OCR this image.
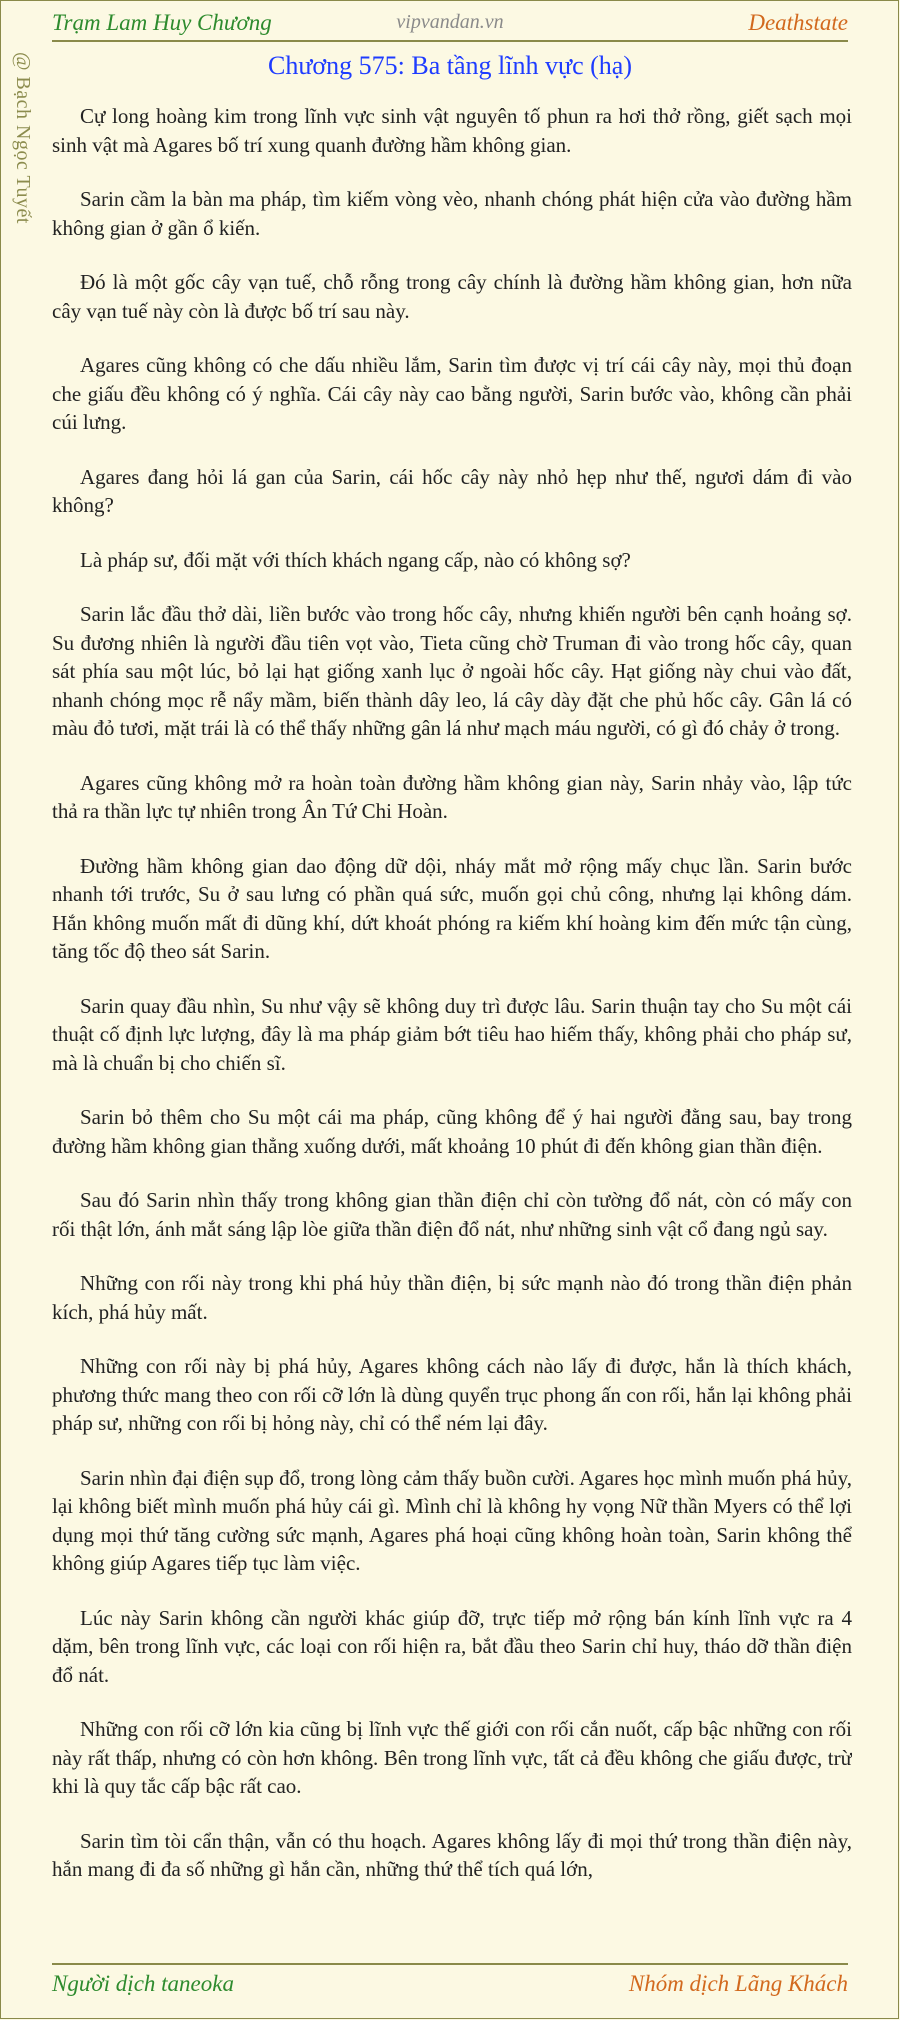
Trạm Lam Huy Chương	vipvandan.vn	Deathstate
@ Bạch Ngọc Tuyết	Chương 575: Ba tầng lĩnh vực (hạ)

Cự long hoàng kim trong lĩnh vực sinh vật nguyên tố phun ra hơi thở rồng, giết sạch mọi sinh vật mà Agares bố trí xung quanh đường hầm không gian.

Sarin cầm la bàn ma pháp, tìm kiếm vòng vèo, nhanh chóng phát hiện cửa vào đường hầm không gian ở gần ổ kiến.

Đó là một gốc cây vạn tuế, chỗ rỗng trong cây chính là đường hầm không gian, hơn nữa cây vạn tuế này còn là được bố trí sau này.

Agares cũng không có che dấu nhiều lắm, Sarin tìm được vị trí cái cây này, mọi thủ đoạn che giấu đều không có ý nghĩa. Cái cây này cao bằng người, Sarin bước vào, không cần phải cúi lưng.

Agares đang hỏi lá gan của Sarin, cái hốc cây này nhỏ hẹp như thế, ngươi dám đi vào không?

Là pháp sư, đối mặt với thích khách ngang cấp, nào có không sợ?

Sarin lắc đầu thở dài, liền bước vào trong hốc cây, nhưng khiến người bên cạnh hoảng sợ. Su đương nhiên là người đầu tiên vọt vào, Tieta cũng chờ Truman đi vào trong hốc cây, quan sát phía sau một lúc, bỏ lại hạt giống xanh lục ở ngoài hốc cây. Hạt giống này chui vào đất, nhanh chóng mọc rễ nẩy mầm, biến thành dây leo, lá cây dày đặt che phủ hốc cây. Gân lá có màu đỏ tươi, mặt trái là có thể thấy những gân lá như mạch máu người, có gì đó chảy ở trong.

Agares cũng không mở ra hoàn toàn đường hầm không gian này, Sarin nhảy vào, lập tức thả ra thần lực tự nhiên trong Ân Tứ Chi Hoàn.

Đường hầm không gian dao động dữ dội, nháy mắt mở rộng mấy chục lần. Sarin bước nhanh tới trước, Su ở sau lưng có phần quá sức, muốn gọi chủ công, nhưng lại không dám. Hắn không muốn mất đi dũng khí, dứt khoát phóng ra kiếm khí hoàng kim đến mức tận cùng, tăng tốc độ theo sát Sarin.

Sarin quay đầu nhìn, Su như vậy sẽ không duy trì được lâu. Sarin thuận tay cho Su một cái thuật cố định lực lượng, đây là ma pháp giảm bớt tiêu hao hiếm thấy, không phải cho pháp sư, mà là chuẩn bị cho chiến sĩ.

Sarin bỏ thêm cho Su một cái ma pháp, cũng không để ý hai người đằng sau, bay trong đường hầm không gian thẳng xuống dưới, mất khoảng 10 phút đi đến không gian thần điện.

Sau đó Sarin nhìn thấy trong không gian thần điện chỉ còn tường đổ nát, còn có mấy con rối thật lớn, ánh mắt sáng lập lòe giữa thần điện đổ nát, như những sinh vật cổ đang ngủ say.

Những con rối này trong khi phá hủy thần điện, bị sức mạnh nào đó trong thần điện phản kích, phá hủy mất.

Những con rối này bị phá hủy, Agares không cách nào lấy đi được, hắn là thích khách, phương thức mang theo con rối cỡ lớn là dùng quyển trục phong ấn con rối, hắn lại không phải pháp sư, những con rối bị hỏng này, chỉ có thể ném lại đây.

Sarin nhìn đại điện sụp đổ, trong lòng cảm thấy buồn cười. Agares học mình muốn phá hủy, lại không biết mình muốn phá hủy cái gì. Mình chỉ là không hy vọng Nữ thần Myers có thể lợi dụng mọi thứ tăng cường sức mạnh, Agares phá hoại cũng không hoàn toàn, Sarin không thể không giúp Agares tiếp tục làm việc.

Lúc này Sarin không cần người khác giúp đỡ, trực tiếp mở rộng bán kính lĩnh vực ra 4 dặm, bên trong lĩnh vực, các loại con rối hiện ra, bắt đầu theo Sarin chỉ huy, tháo dỡ thần điện đổ nát.

Những con rối cỡ lớn kia cũng bị lĩnh vực thế giới con rối cắn nuốt, cấp bậc những con rối này rất thấp, nhưng có còn hơn không. Bên trong lĩnh vực, tất cả đều không che giấu được, trừ khi là quy tắc cấp bậc rất cao.

Sarin tìm tòi cẩn thận, vẫn có thu hoạch. Agares không lấy đi mọi thứ trong thần điện này, hắn mang đi đa số những gì hắn cần, những thứ thể tích quá lớn,

Người dịch taneoka	Nhóm dịch Lãng Khách
